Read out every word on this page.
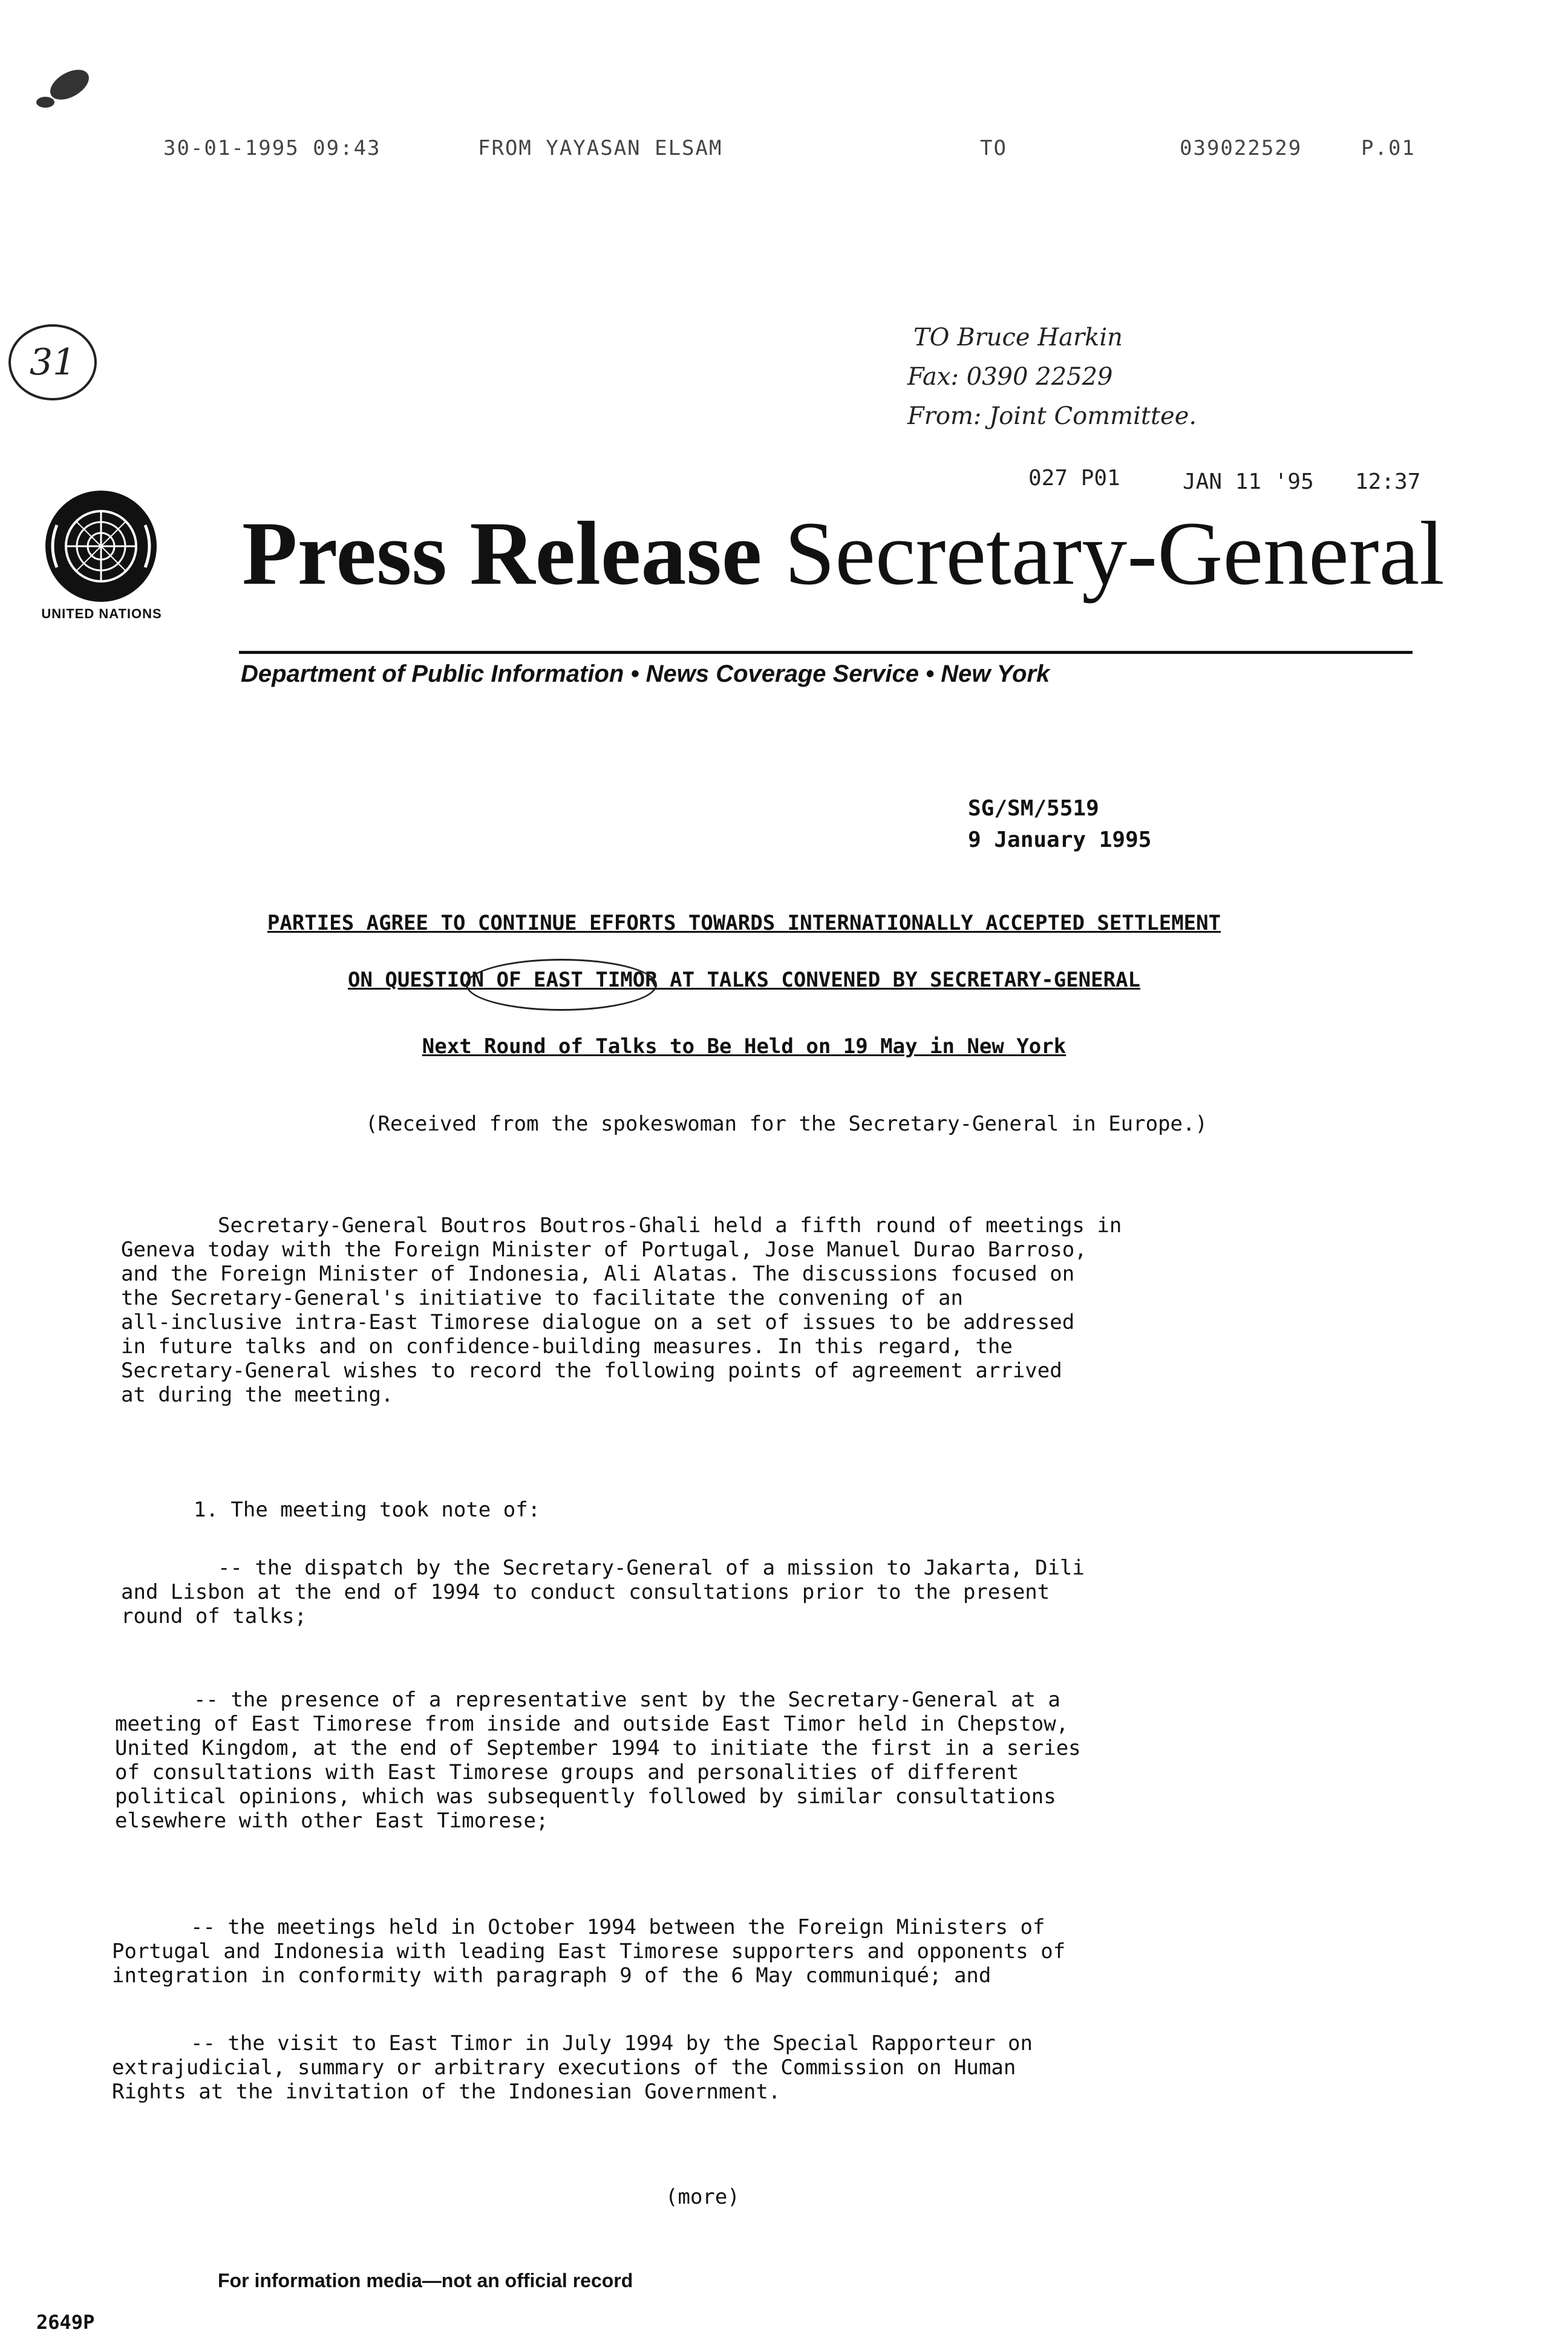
30-01-1995 09:43	FROM YAYASAN ELSAM	TO	039022529	P.01
31
TO Bruce Harkin
Fax: 0390 22529
From: Joint Committee.
027 P01	JAN 11 '95 12:37
UNITED NATIONS
Press Release Secretary-General
Department of Public Information • News Coverage Service • New York
SG/SM/5519
9 January 1995
PARTIES AGREE TO CONTINUE EFFORTS TOWARDS INTERNATIONALLY ACCEPTED SETTLEMENT
ON QUESTION OF EAST TIMOR AT TALKS CONVENED BY SECRETARY-GENERAL
Next Round of Talks to Be Held on 19 May in New York
(Received from the spokeswoman for the Secretary-General in Europe.)
Secretary-General Boutros Boutros-Ghali held a fifth round of meetings in
Geneva today with the Foreign Minister of Portugal, Jose Manuel Durao Barroso,
and the Foreign Minister of Indonesia, Ali Alatas. The discussions focused on
the Secretary-General's initiative to facilitate the convening of an
all-inclusive intra-East Timorese dialogue on a set of issues to be addressed
in future talks and on confidence-building measures. In this regard, the
Secretary-General wishes to record the following points of agreement arrived
at during the meeting.
1. The meeting took note of:
-- the dispatch by the Secretary-General of a mission to Jakarta, Dili
and Lisbon at the end of 1994 to conduct consultations prior to the present
round of talks;
-- the presence of a representative sent by the Secretary-General at a
meeting of East Timorese from inside and outside East Timor held in Chepstow,
United Kingdom, at the end of September 1994 to initiate the first in a series
of consultations with East Timorese groups and personalities of different
political opinions, which was subsequently followed by similar consultations
elsewhere with other East Timorese;
-- the meetings held in October 1994 between the Foreign Ministers of
Portugal and Indonesia with leading East Timorese supporters and opponents of
integration in conformity with paragraph 9 of the 6 May communiqué; and
-- the visit to East Timor in July 1994 by the Special Rapporteur on
extrajudicial, summary or arbitrary executions of the Commission on Human
Rights at the invitation of the Indonesian Government.
(more)
For information media—not an official record
2649P
